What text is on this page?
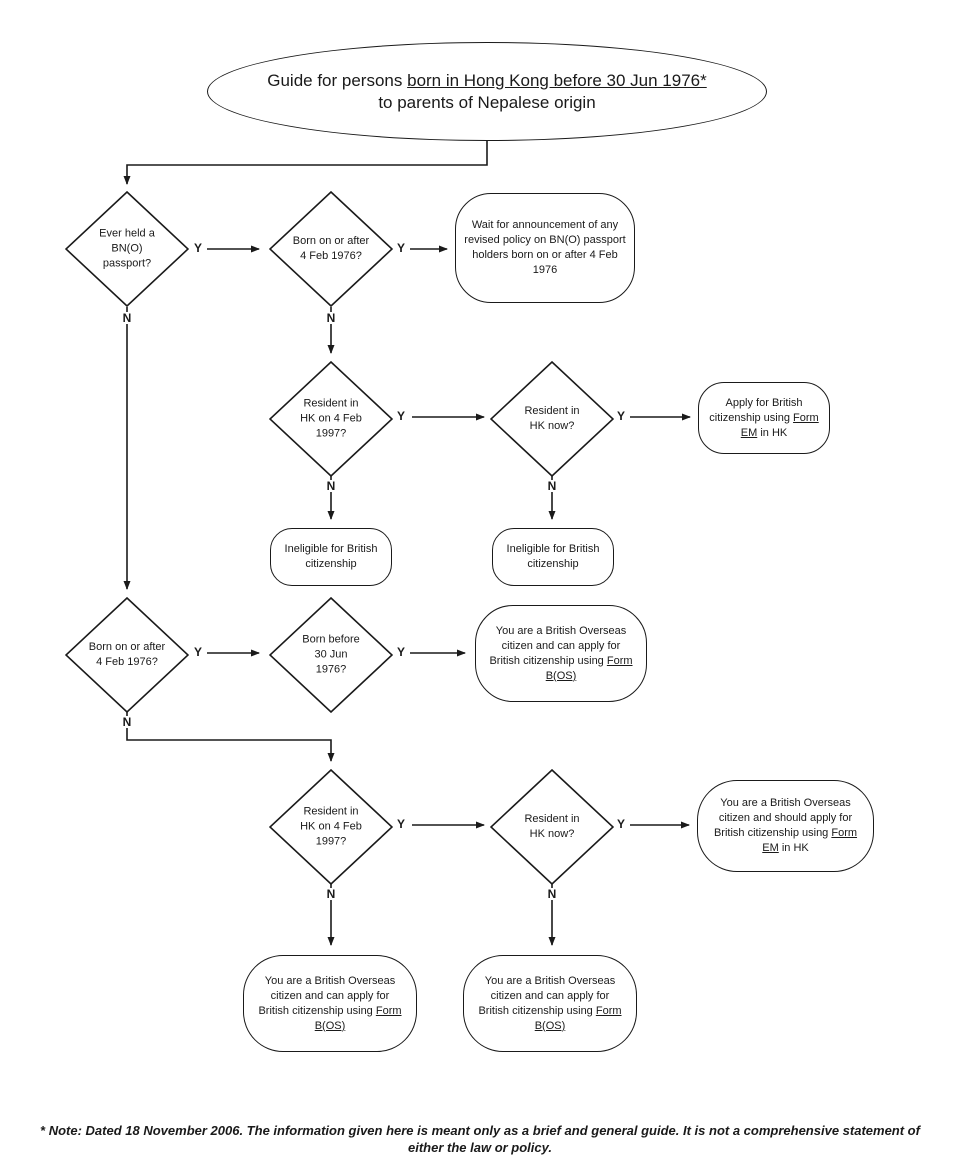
Guide for persons born in Hong Kong before 30 Jun 1976*
to parents of Nepalese origin
Ever held a BN(O) passport?
Born on or after 4 Feb 1976?
Wait for announcement of any revised policy on BN(O) passport holders born on or after 4 Feb 1976
Resident in HK on 4 Feb 1997?
Resident in HK now?
Apply for British citizenship using Form EM in HK
Ineligible for British citizenship
Ineligible for British citizenship
Born on or after 4 Feb 1976?
Born before 30 Jun 1976?
You are a British Overseas citizen and can apply for British citizenship using Form B(OS)
Resident in HK on 4 Feb 1997?
Resident in HK now?
You are a British Overseas citizen and should apply for British citizenship using Form EM in HK
You are a British Overseas citizen and can apply for British citizenship using Form B(OS)
You are a British Overseas citizen and can apply for British citizenship using Form B(OS)
Y	Y
Y	Y
Y	Y
Y	Y
N	N
N	N
N
N	N
* Note: Dated 18 November 2006. The information given here is meant only as a brief and general guide. It is not a comprehensive statement of either the law or policy.
